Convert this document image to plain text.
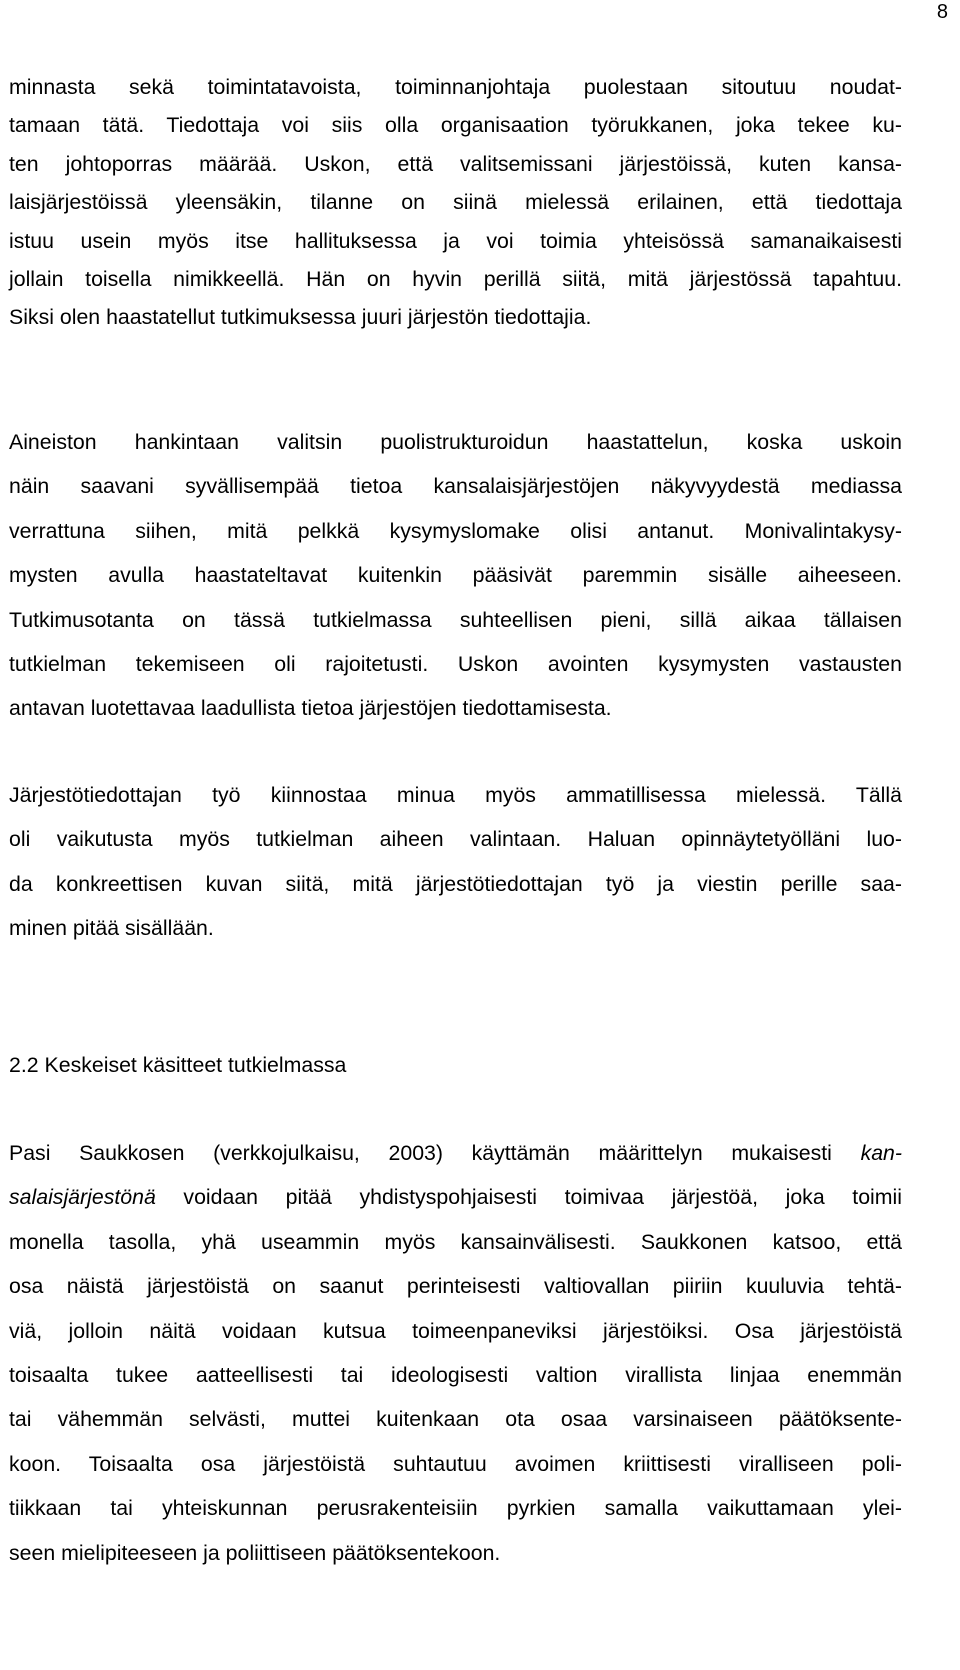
8
minnasta sekä toimintatavoista, toiminnanjohtaja puolestaan sitoutuu noudat-
tamaan tätä. Tiedottaja voi siis olla organisaation työrukkanen, joka tekee ku-
ten johtoporras määrää. Uskon, että valitsemissani järjestöissä, kuten kansa-
laisjärjestöissä yleensäkin, tilanne on siinä mielessä erilainen, että tiedottaja
istuu usein myös itse hallituksessa ja voi toimia yhteisössä samanaikaisesti
jollain toisella nimikkeellä. Hän on hyvin perillä siitä, mitä järjestössä tapahtuu.
Siksi olen haastatellut tutkimuksessa juuri järjestön tiedottajia.
Aineiston hankintaan valitsin puolistrukturoidun haastattelun, koska uskoin
näin saavani syvällisempää tietoa kansalaisjärjestöjen näkyvyydestä mediassa
verrattuna siihen, mitä pelkkä kysymyslomake olisi antanut. Monivalintakysy-
mysten avulla haastateltavat kuitenkin pääsivät paremmin sisälle aiheeseen.
Tutkimusotanta on tässä tutkielmassa suhteellisen pieni, sillä aikaa tällaisen
tutkielman tekemiseen oli rajoitetusti. Uskon avointen kysymysten vastausten
antavan luotettavaa laadullista tietoa järjestöjen tiedottamisesta.
Järjestötiedottajan työ kiinnostaa minua myös ammatillisessa mielessä. Tällä
oli vaikutusta myös tutkielman aiheen valintaan. Haluan opinnäytetyölläni luo-
da konkreettisen kuvan siitä, mitä järjestötiedottajan työ ja viestin perille saa-
minen pitää sisällään.
2.2 Keskeiset käsitteet tutkielmassa
Pasi Saukkosen (verkkojulkaisu, 2003) käyttämän määrittelyn mukaisesti kan-
salaisjärjestönä voidaan pitää yhdistyspohjaisesti toimivaa järjestöä, joka toimii
monella tasolla, yhä useammin myös kansainvälisesti. Saukkonen katsoo, että
osa näistä järjestöistä on saanut perinteisesti valtiovallan piiriin kuuluvia tehtä-
viä, jolloin näitä voidaan kutsua toimeenpaneviksi järjestöiksi. Osa järjestöistä
toisaalta tukee aatteellisesti tai ideologisesti valtion virallista linjaa enemmän
tai vähemmän selvästi, muttei kuitenkaan ota osaa varsinaiseen päätöksente-
koon. Toisaalta osa järjestöistä suhtautuu avoimen kriittisesti viralliseen poli-
tiikkaan tai yhteiskunnan perusrakenteisiin pyrkien samalla vaikuttamaan ylei-
seen mielipiteeseen ja poliittiseen päätöksentekoon.
